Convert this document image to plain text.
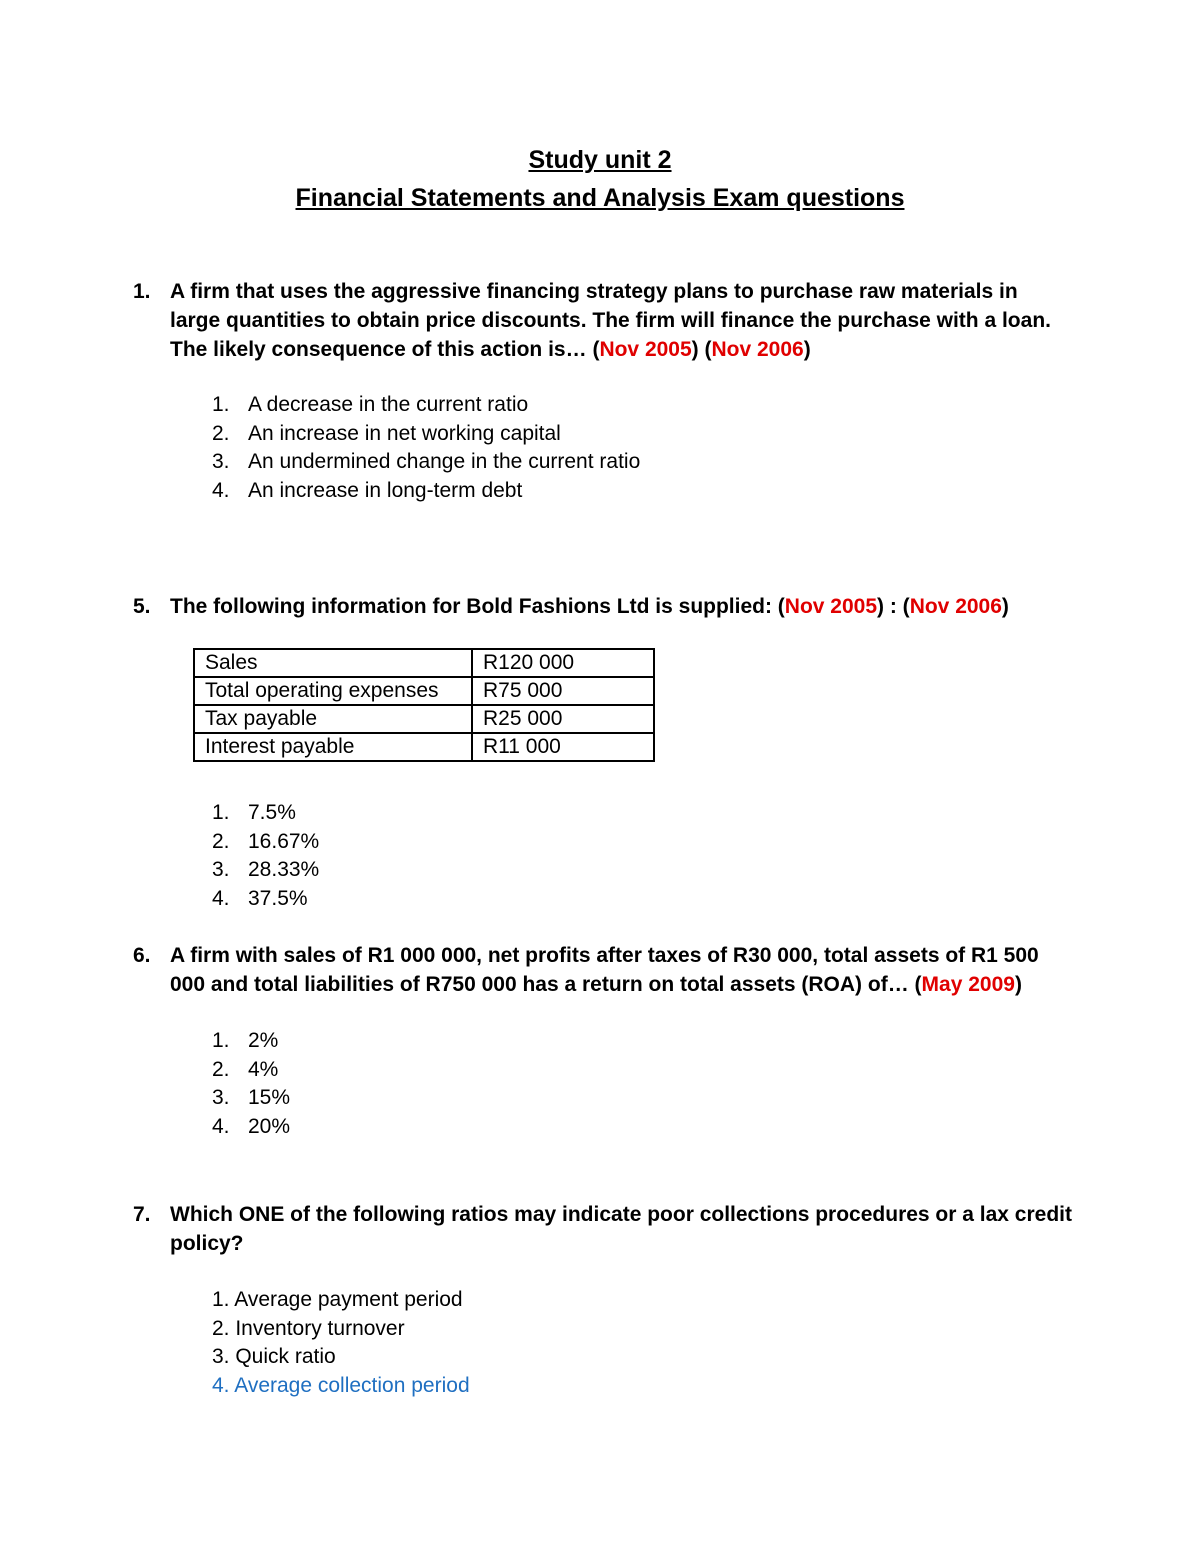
Study unit 2
Financial Statements and Analysis Exam questions
1. A firm that uses the aggressive financing strategy plans to purchase raw materials in large quantities to obtain price discounts. The firm will finance the purchase with a loan. The likely consequence of this action is… (Nov 2005) (Nov 2006)
1. A decrease in the current ratio
2. An increase in net working capital
3. An undermined change in the current ratio
4. An increase in long-term debt
5. The following information for Bold Fashions Ltd is supplied: (Nov 2005) : (Nov 2006)
Sales	R120 000
Total operating expenses	R75 000
Tax payable	R25 000
Interest payable	R11 000
1. 7.5%
2. 16.67%
3. 28.33%
4. 37.5%
6. A firm with sales of R1 000 000, net profits after taxes of R30 000, total assets of R1 500 000 and total liabilities of R750 000 has a return on total assets (ROA) of… (May 2009)
1. 2%
2. 4%
3. 15%
4. 20%
7. Which ONE of the following ratios may indicate poor collections procedures or a lax credit policy?
1. Average payment period
2. Inventory turnover
3. Quick ratio
4. Average collection period
